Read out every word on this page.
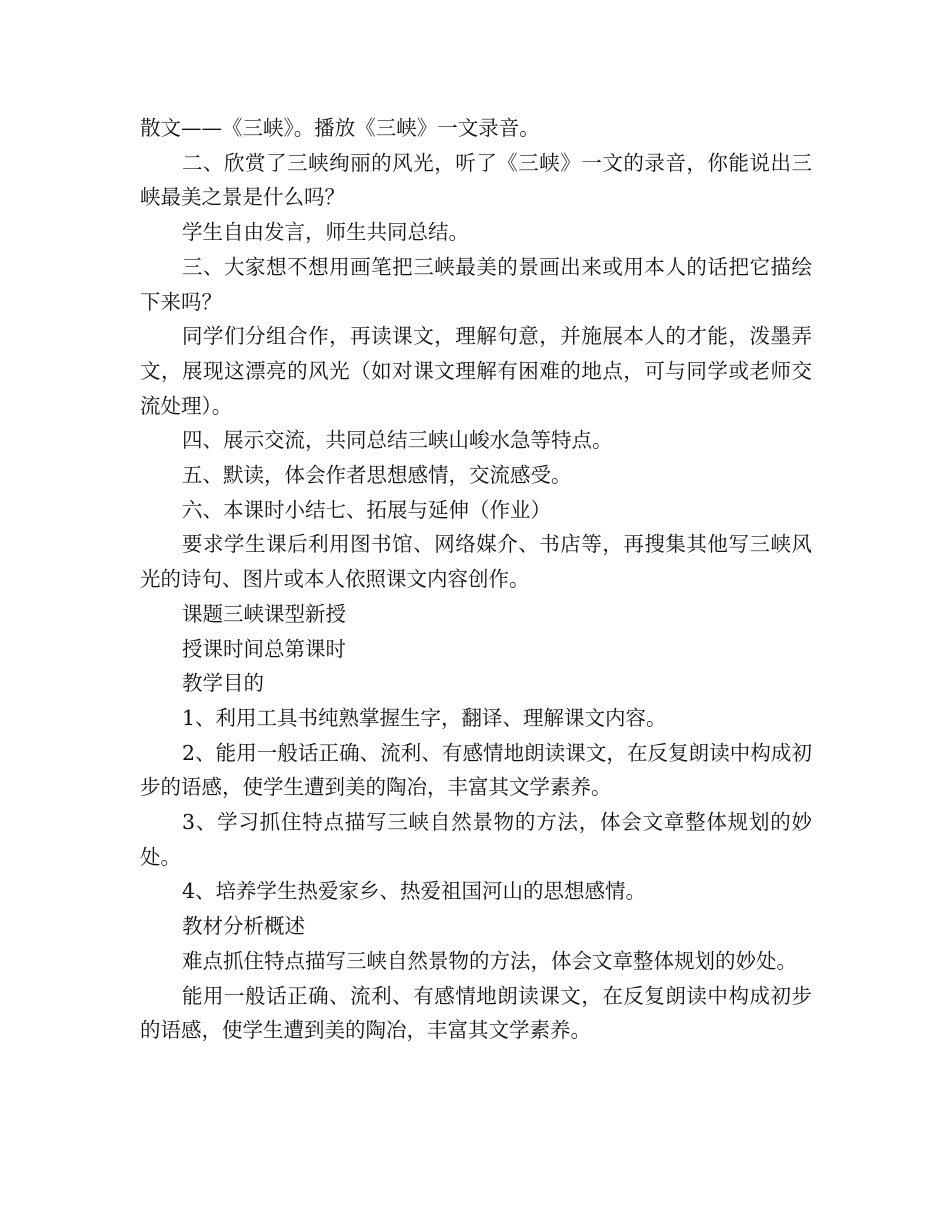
散文——《三峡》。播放《三峡》一文录音。

二、欣赏了三峡绚丽的风光，听了《三峡》一文的录音，你能说出三峡最美之景是什么吗？

学生自由发言，师生共同总结。

三、大家想不想用画笔把三峡最美的景画出来或用本人的话把它描绘下来吗？

同学们分组合作，再读课文，理解句意，并施展本人的才能，泼墨弄文，展现这漂亮的风光（如对课文理解有困难的地点，可与同学或老师交流处理）。

四、展示交流，共同总结三峡山峻水急等特点。

五、默读，体会作者思想感情，交流感受。

六、本课时小结七、拓展与延伸（作业）

要求学生课后利用图书馆、网络媒介、书店等，再搜集其他写三峡风光的诗句、图片或本人依照课文内容创作。

课题三峡课型新授

授课时间总第课时

教学目的

1、利用工具书纯熟掌握生字，翻译、理解课文内容。

2、能用一般话正确、流利、有感情地朗读课文，在反复朗读中构成初步的语感，使学生遭到美的陶冶，丰富其文学素养。

3、学习抓住特点描写三峡自然景物的方法，体会文章整体规划的妙处。

4、培养学生热爱家乡、热爱祖国河山的思想感情。

教材分析概述

难点抓住特点描写三峡自然景物的方法，体会文章整体规划的妙处。

能用一般话正确、流利、有感情地朗读课文，在反复朗读中构成初步的语感，使学生遭到美的陶冶，丰富其文学素养。
